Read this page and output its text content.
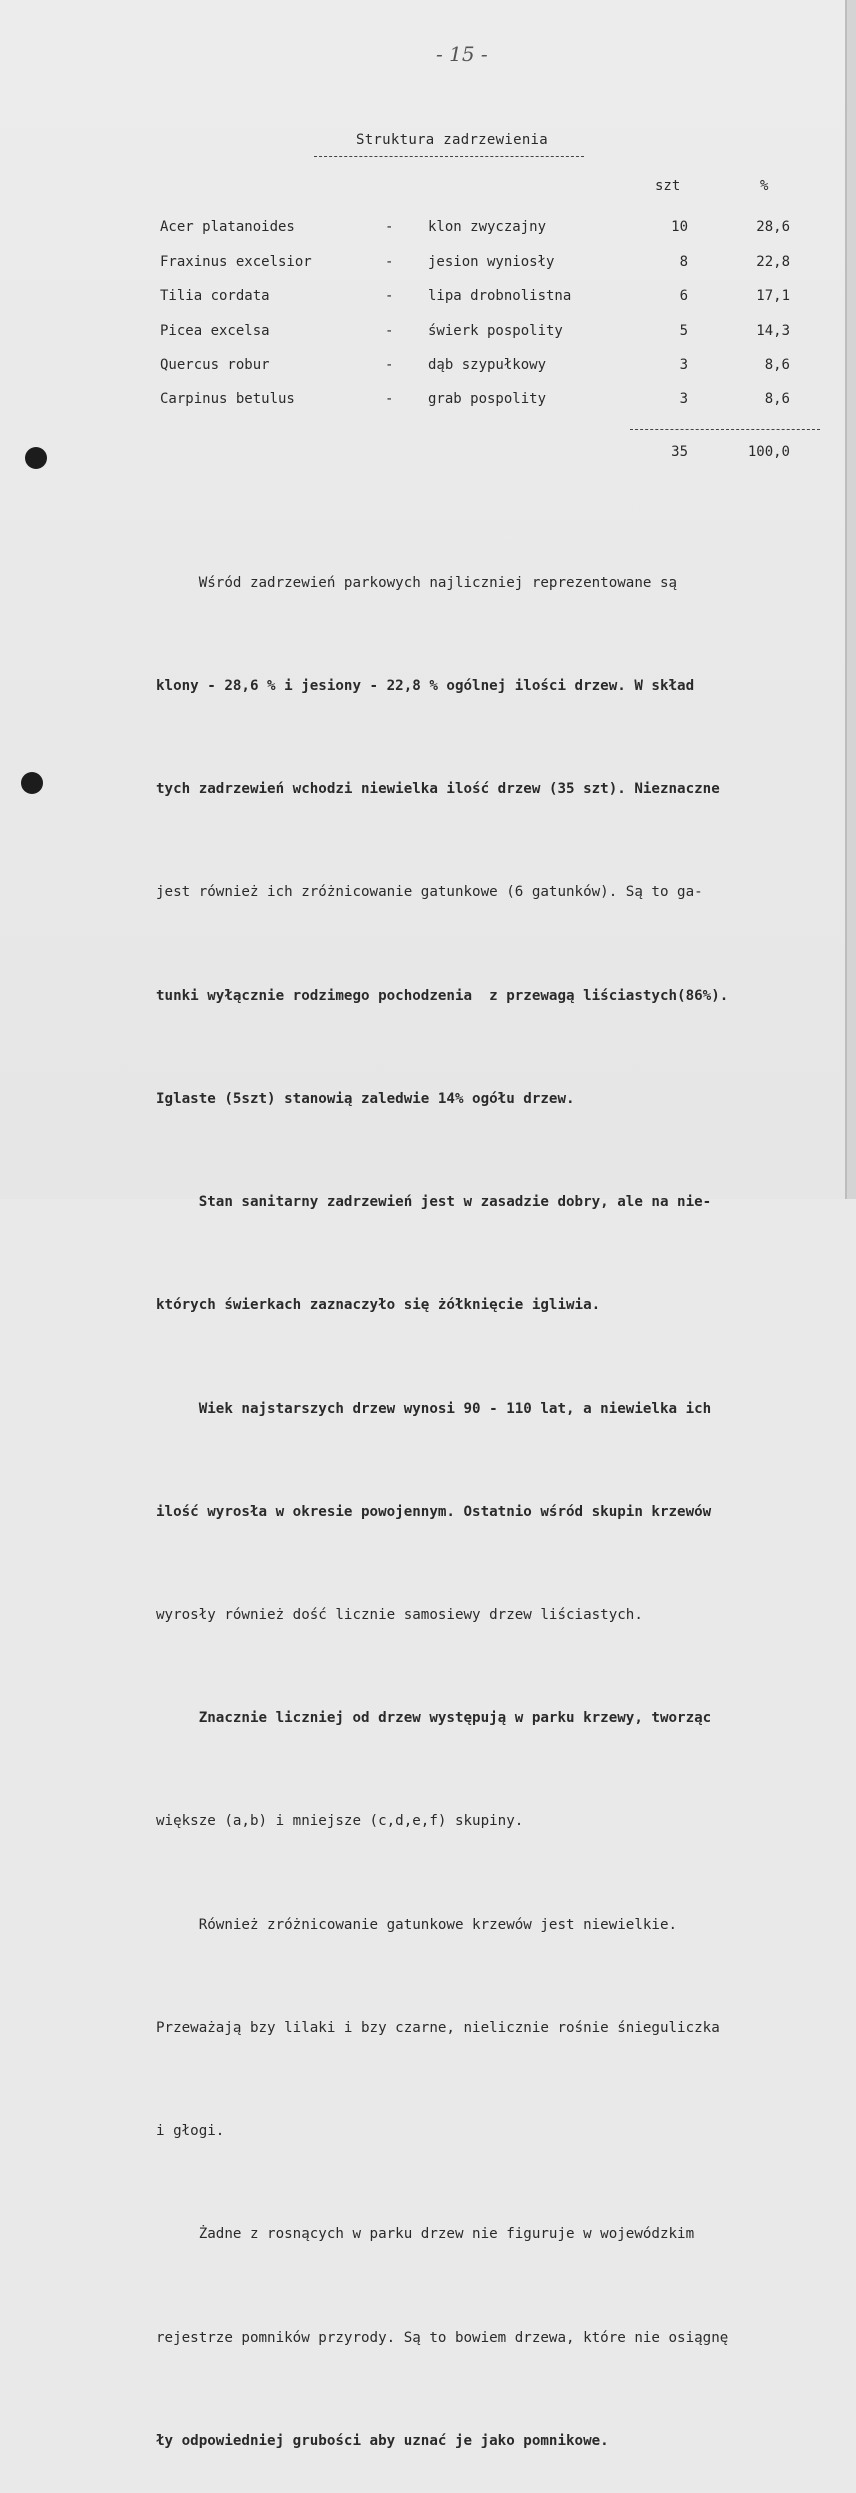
- 15 -
Struktura zadrzewienia
szt	%
Acer platanoides	- klon zwyczajny	10	28,6
Fraxinus excelsior	- jesion wyniosły	8	22,8
Tilia cordata	- lipa drobnolistna	6	17,1
Picea excelsa	- świerk pospolity	5	14,3
Quercus robur	- dąb szypułkowy	3	8,6
Carpinus betulus	- grab pospolity	3	8,6
35	100,0

Wśród zadrzewień parkowych najliczniej reprezentowane są

klony - 28,6 % i jesiony - 22,8 % ogólnej ilości drzew. W skład

tych zadrzewień wchodzi niewielka ilość drzew (35 szt). Nieznaczne

jest również ich zróżnicowanie gatunkowe (6 gatunków). Są to ga-

tunki wyłącznie rodzimego pochodzenia  z przewagą liściastych(86%).

Iglaste (5szt) stanowią zaledwie 14% ogółu drzew.

Stan sanitarny zadrzewień jest w zasadzie dobry, ale na nie-

których świerkach zaznaczyło się żółknięcie igliwia.

Wiek najstarszych drzew wynosi 90 - 110 lat, a niewielka ich

ilość wyrosła w okresie powojennym. Ostatnio wśród skupin krzewów

wyrosły również dość licznie samosiewy drzew liściastych.

Znacznie liczniej od drzew występują w parku krzewy, tworząc

większe (a,b) i mniejsze (c,d,e,f) skupiny.

Również zróżnicowanie gatunkowe krzewów jest niewielkie.

Przeważają bzy lilaki i bzy czarne, nielicznie rośnie śnieguliczka

i głogi.

Żadne z rosnących w parku drzew nie figuruje w wojewódzkim

rejestrze pomników przyrody. Są to bowiem drzewa, które nie osiągnę

ły odpowiedniej grubości aby uznać je jako pomnikowe.
